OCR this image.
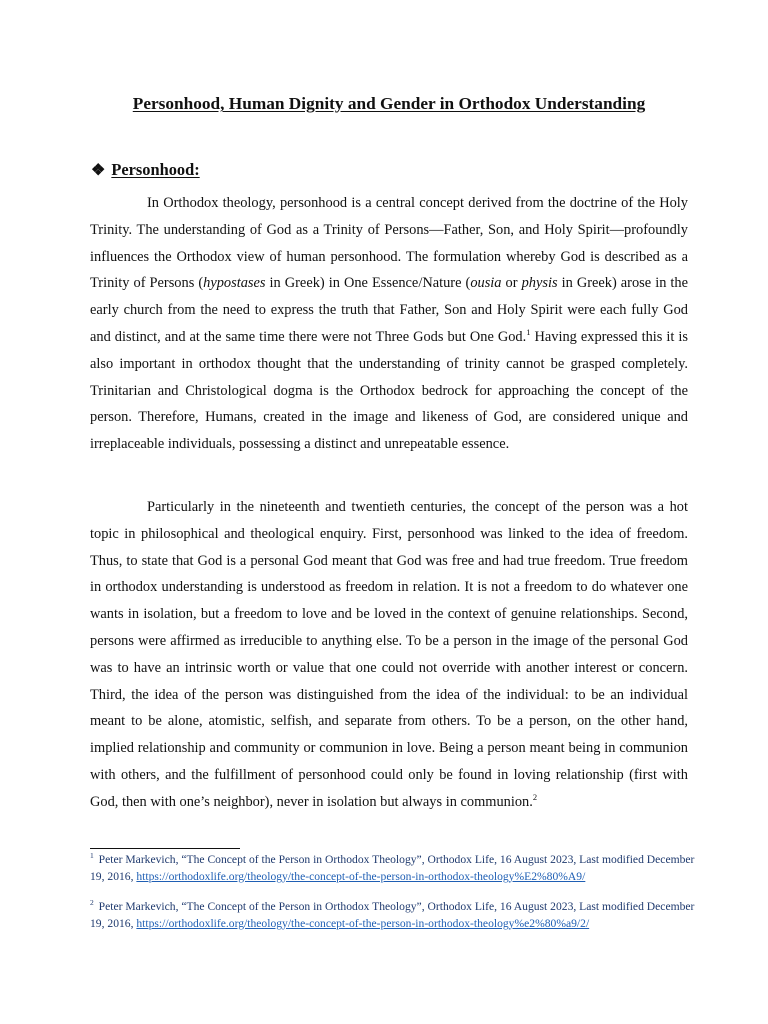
Personhood, Human Dignity and Gender in Orthodox Understanding
❖ Personhood:

In Orthodox theology, personhood is a central concept derived from the doctrine of the Holy Trinity. The understanding of God as a Trinity of Persons—Father, Son, and Holy Spirit—profoundly influences the Orthodox view of human personhood. The formulation whereby God is described as a Trinity of Persons (hypostases in Greek) in One Essence/Nature (ousia or physis in Greek) arose in the early church from the need to express the truth that Father, Son and Holy Spirit were each fully God and distinct, and at the same time there were not Three Gods but One God.$^1$ Having expressed this it is also important in orthodox thought that the understanding of trinity cannot be grasped completely. Trinitarian and Christological dogma is the Orthodox bedrock for approaching the concept of the person. Therefore, Humans, created in the image and likeness of God, are considered unique and irreplaceable individuals, possessing a distinct and unrepeatable essence.

Particularly in the nineteenth and twentieth centuries, the concept of the person was a hot topic in philosophical and theological enquiry. First, personhood was linked to the idea of freedom. Thus, to state that God is a personal God meant that God was free and had true freedom. True freedom in orthodox understanding is understood as freedom in relation. It is not a freedom to do whatever one wants in isolation, but a freedom to love and be loved in the context of genuine relationships. Second, persons were affirmed as irreducible to anything else. To be a person in the image of the personal God was to have an intrinsic worth or value that one could not override with another interest or concern. Third, the idea of the person was distinguished from the idea of the individual: to be an individual meant to be alone, atomistic, selfish, and separate from others. To be a person, on the other hand, implied relationship and community or communion in love. Being a person meant being in communion with others, and the fulfillment of personhood could only be found in loving relationship (first with God, then with one’s neighbor), never in isolation but always in communion.$^2$

$^1$ Peter Markevich, “The Concept of the Person in Orthodox Theology”, Orthodox Life, 16 August 2023, Last modified December 19, 2016, https://orthodoxlife.org/theology/the-concept-of-the-person-in-orthodox-theology%E2%80%A9/

$^2$ Peter Markevich, “The Concept of the Person in Orthodox Theology”, Orthodox Life, 16 August 2023, Last modified December 19, 2016, https://orthodoxlife.org/theology/the-concept-of-the-person-in-orthodox-theology%e2%80%a9/2/
